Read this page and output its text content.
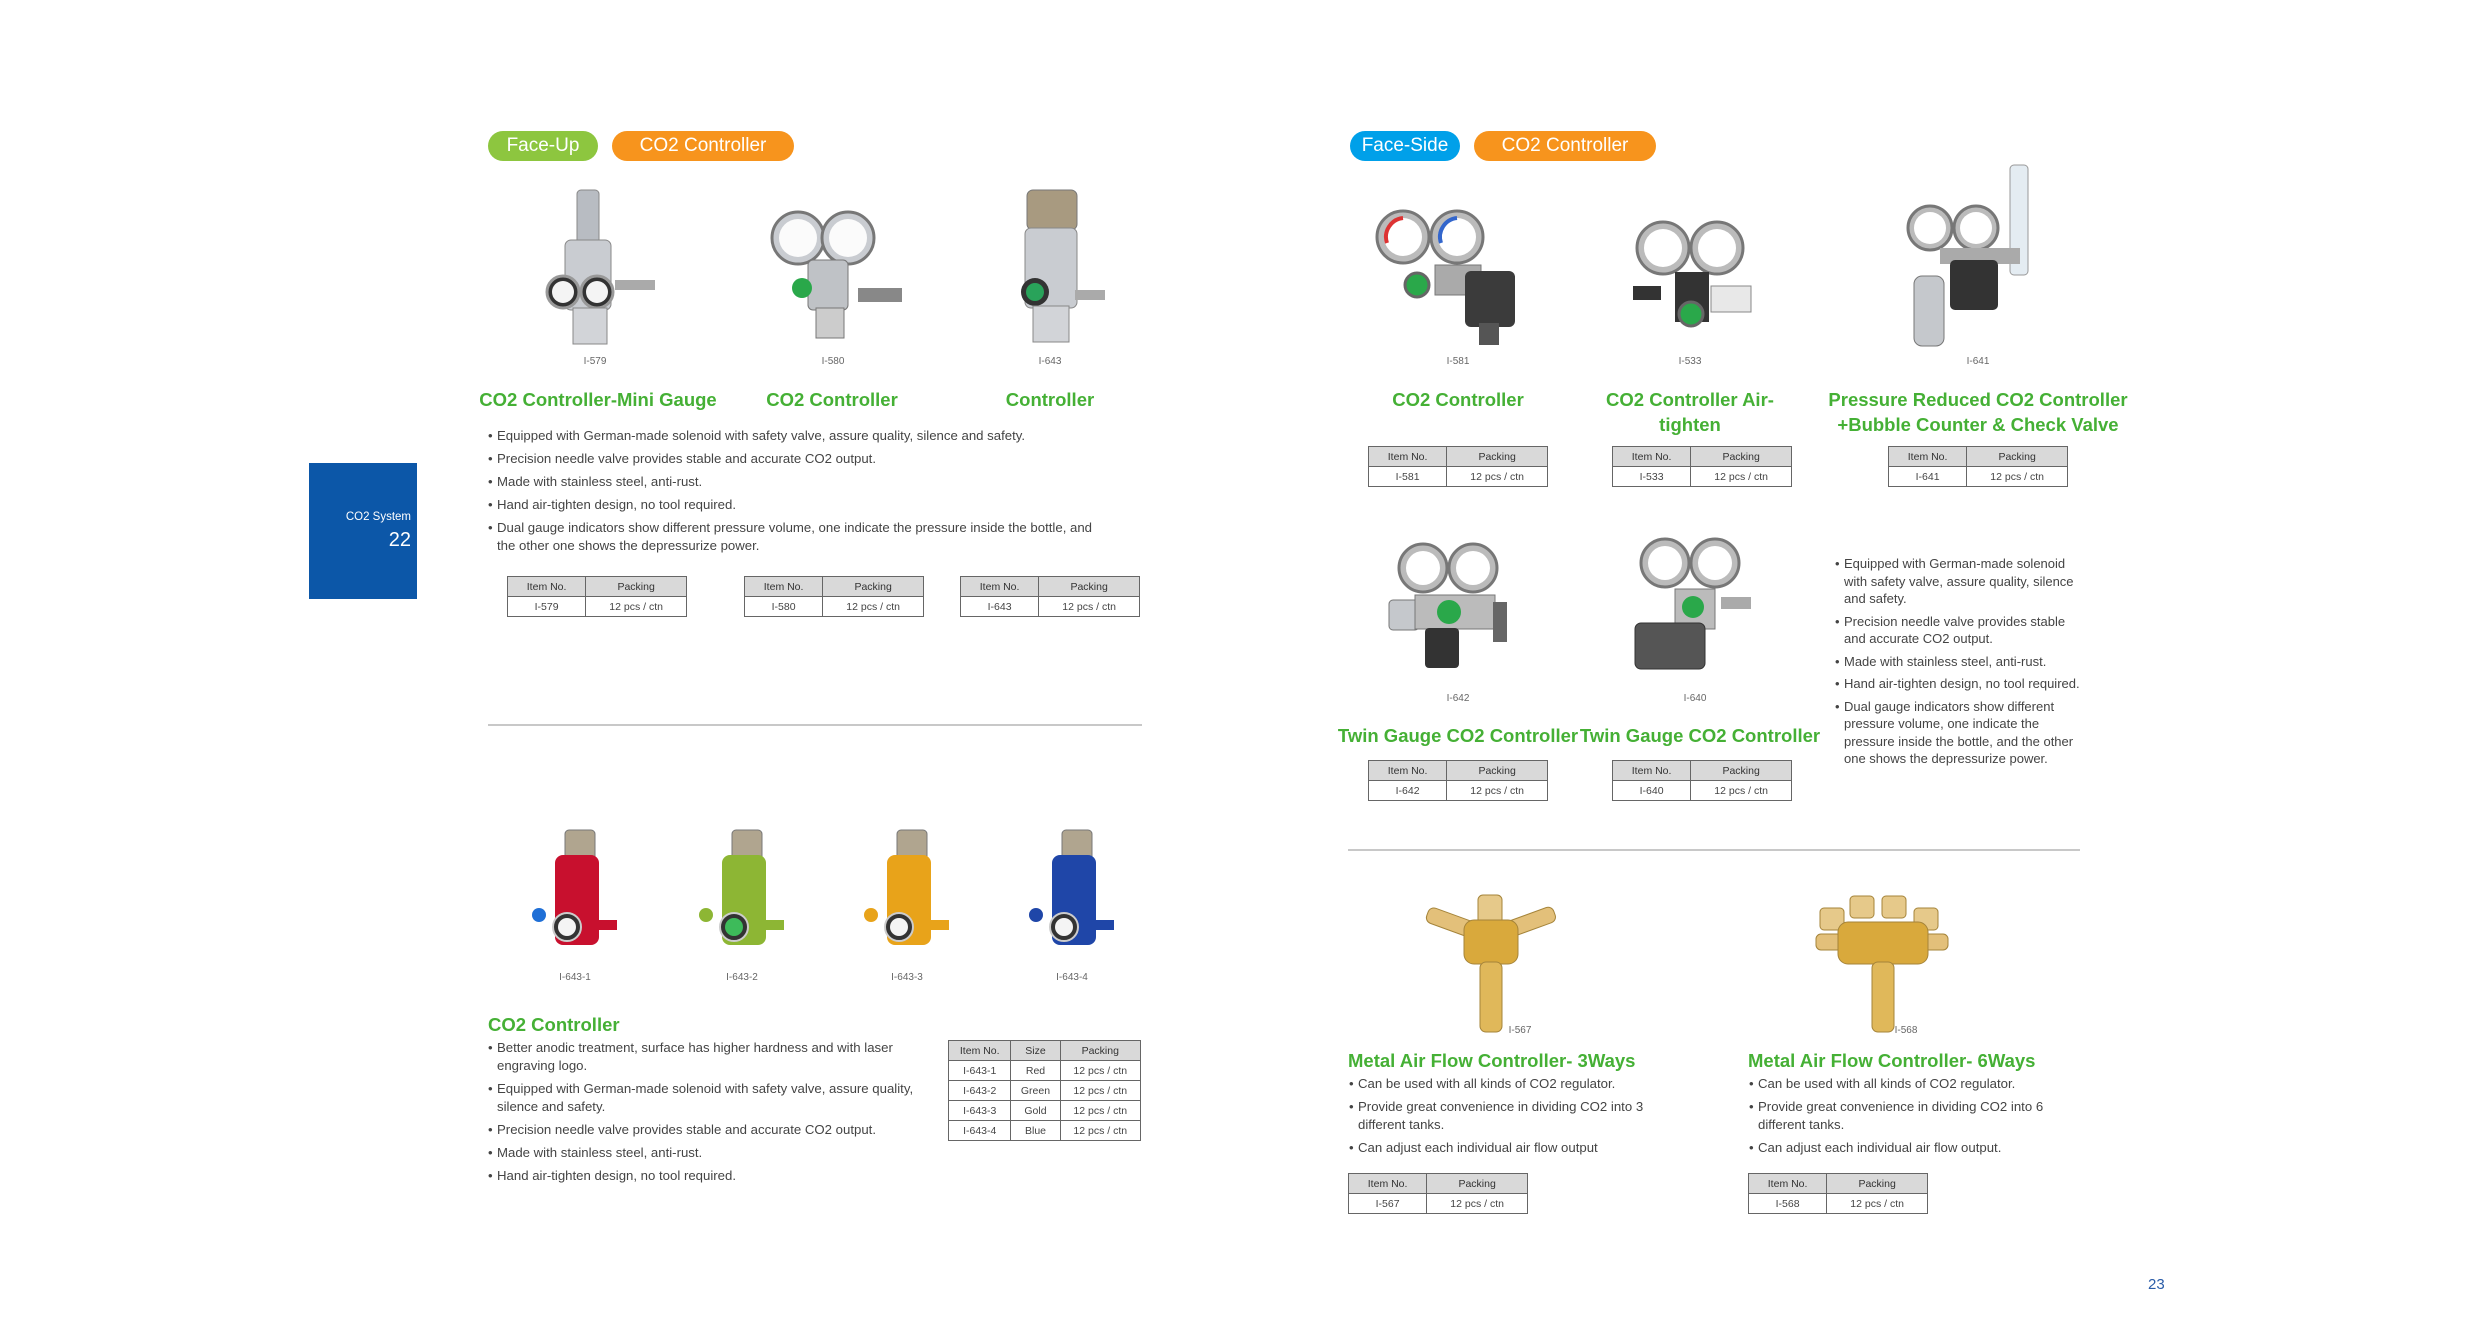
CO2 System
22
Face-Up	CO2 Controller
I-579
CO2 Controller-Mini Gauge
I-580
CO2 Controller
I-643
Controller
• Equipped with German-made solenoid with safety valve, assure quality, silence and safety.
• Precision needle valve provides stable and accurate CO2 output.
• Made with stainless steel, anti-rust.
• Hand air-tighten design, no tool required.
• Dual gauge indicators show different pressure volume, one indicate the pressure inside the bottle, and the other one shows the depressurize power.
Item No.	Packing
I-579	12 pcs / ctn
Item No.	Packing
I-580	12 pcs / ctn
Item No.	Packing
I-643	12 pcs / ctn
I-643-1	I-643-2	I-643-3	I-643-4
CO2 Controller
• Better anodic treatment, surface has higher hardness and with laser engraving logo.
• Equipped with German-made solenoid with safety valve, assure quality, silence and safety.
• Precision needle valve provides stable and accurate CO2 output.
• Made with stainless steel, anti-rust.
• Hand air-tighten design, no tool required.
Item No.	Size	Packing
I-643-1	Red	12 pcs / ctn
I-643-2	Green	12 pcs / ctn
I-643-3	Gold	12 pcs / ctn
I-643-4	Blue	12 pcs / ctn
Face-Side	CO2 Controller
I-581
CO2 Controller
I-533
CO2 Controller Air-tighten
I-641
Pressure Reduced CO2 Controller
+Bubble Counter & Check Valve
Item No.	Packing
I-581	12 pcs / ctn
Item No.	Packing
I-533	12 pcs / ctn
Item No.	Packing
I-641	12 pcs / ctn
I-642
Twin Gauge CO2 Controller
I-640
Twin Gauge CO2 Controller
Item No.	Packing
I-642	12 pcs / ctn
Item No.	Packing
I-640	12 pcs / ctn
• Equipped with German-made solenoid with safety valve, assure quality, silence and safety.
• Precision needle valve provides stable and accurate CO2 output.
• Made with stainless steel, anti-rust.
• Hand air-tighten design, no tool required.
• Dual gauge indicators show different pressure volume, one indicate the pressure inside the bottle, and the other one shows the depressurize power.
I-567
Metal Air Flow Controller- 3Ways
• Can be used with all kinds of CO2 regulator.
• Provide great convenience in dividing CO2 into 3 different tanks.
• Can adjust each individual air flow output
Item No.	Packing
I-567	12 pcs / ctn
I-568
Metal Air Flow Controller- 6Ways
• Can be used with all kinds of CO2 regulator.
• Provide great convenience in dividing CO2 into 6 different tanks.
• Can adjust each individual air flow output.
Item No.	Packing
I-568	12 pcs / ctn
23
